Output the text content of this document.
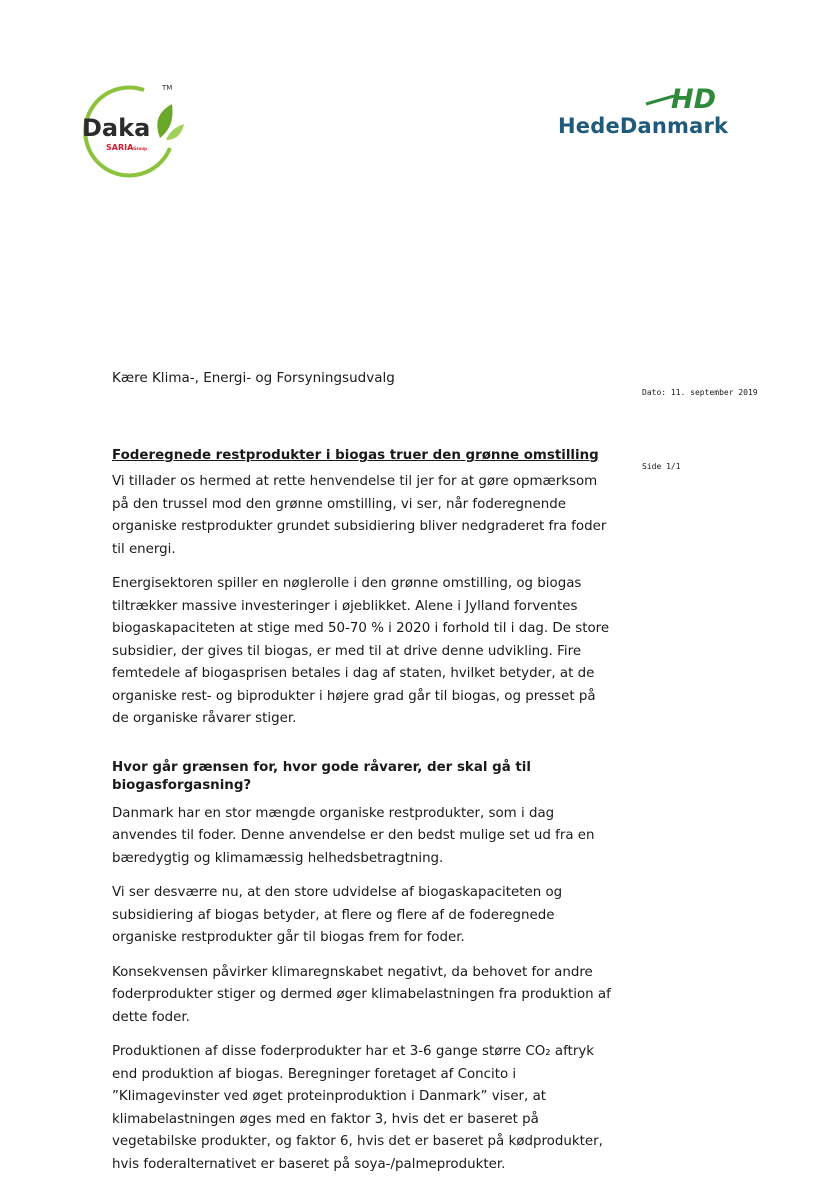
Daka
SARIAGroup
TM	HD
HedeDanmark
Kære Klima-, Energi- og Forsyningsudvalg
Dato: 11. september 2019
Side 1/1
Foderegnede restprodukter i biogas truer den grønne omstilling

Vi tillader os hermed at rette henvendelse til jer for at gøre opmærksom på den trussel mod den grønne omstilling, vi ser, når foderegnende organiske restprodukter grundet subsidiering bliver nedgraderet fra foder til energi.

Energisektoren spiller en nøglerolle i den grønne omstilling, og biogas tiltrækker massive investeringer i øjeblikket. Alene i Jylland forventes biogaskapaciteten at stige med 50-70 % i 2020 i forhold til i dag. De store subsidier, der gives til biogas, er med til at drive denne udvikling. Fire femtedele af biogasprisen betales i dag af staten, hvilket betyder, at de organiske rest- og biprodukter i højere grad går til biogas, og presset på de organiske råvarer stiger.

Hvor går grænsen for, hvor gode råvarer, der skal gå til biogasforgasning?

Danmark har en stor mængde organiske restprodukter, som i dag anvendes til foder. Denne anvendelse er den bedst mulige set ud fra en bæredygtig og klimamæssig helhedsbetragtning.

Vi ser desværre nu, at den store udvidelse af biogaskapaciteten og subsidiering af biogas betyder, at flere og flere af de foderegnede organiske restprodukter går til biogas frem for foder.

Konsekvensen påvirker klimaregnskabet negativt, da behovet for andre foderprodukter stiger og dermed øger klimabelastningen fra produktion af dette foder.

Produktionen af disse foderprodukter har et 3-6 gange større CO₂ aftryk end produktion af biogas. Beregninger foretaget af Concito i ”Klimagevinster ved øget proteinproduktion i Danmark” viser, at klimabelastningen øges med en faktor 3, hvis det er baseret på vegetabilske produkter, og faktor 6, hvis det er baseret på kødprodukter, hvis foderalternativet er baseret på soya-/palmeprodukter.
